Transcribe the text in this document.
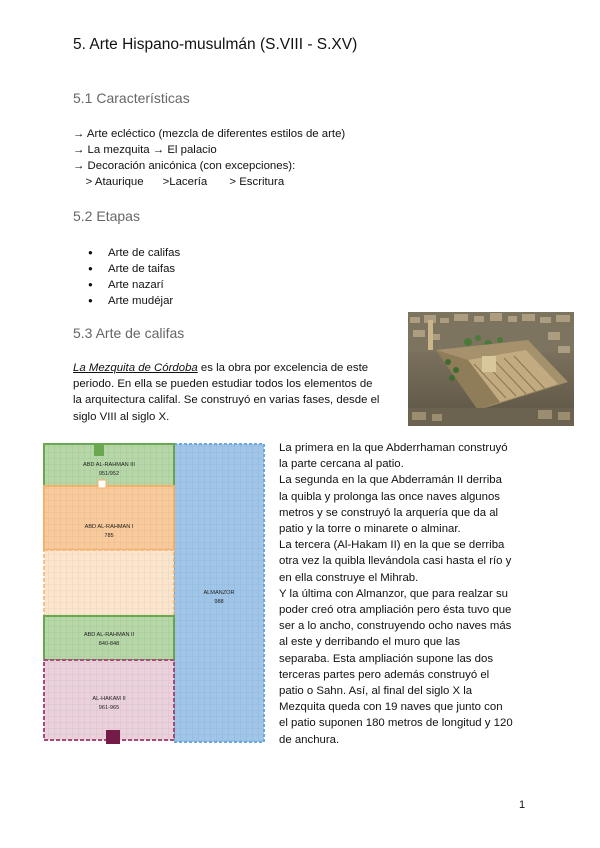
5. Arte Hispano-musulmán (S.VIII - S.XV)
5.1 Características
→ Arte ecléctico (mezcla de diferentes estilos de arte)
→ La mezquita → El palacio
→ Decoración anicónica (con excepciones):
> Ataurique      >Lacería       > Escritura
5.2 Etapas
● Arte de califas
● Arte de taifas
● Arte nazarí
● Arte mudéjar
5.3 Arte de califas
La Mezquita de Córdoba es la obra por excelencia de este
periodo. En ella se pueden estudiar todos los elementos de
la arquitectura califal. Se construyó en varias fases, desde el
siglo VIII al siglo X.
ABD AL-RAHMAN III
951/952
ABD AL-RAHMAN I
785
ABD AL-RAHMAN II
840-848
AL-HAKAM II
961-965
ALMANZOR
988
La primera en la que Abderrhaman construyó
la parte cercana al patio.
La segunda en la que Abderramán II derriba
la quibla y prolonga las once naves algunos
metros y se construyó la arquería que da al
patio y la torre o minarete o alminar.
La tercera (Al-Hakam II) en la que se derriba
otra vez la quibla llevándola casi hasta el río y
en ella construye el Mihrab.
Y la última con Almanzor, que para realzar su
poder creó otra ampliación pero ésta tuvo que
ser a lo ancho, construyendo ocho naves más
al este y derribando el muro que las
separaba. Esta ampliación supone las dos
terceras partes pero además construyó el
patio o Sahn. Así, al final del siglo X la
Mezquita queda con 19 naves que junto con
el patio suponen 180 metros de longitud y 120
de anchura.
1
